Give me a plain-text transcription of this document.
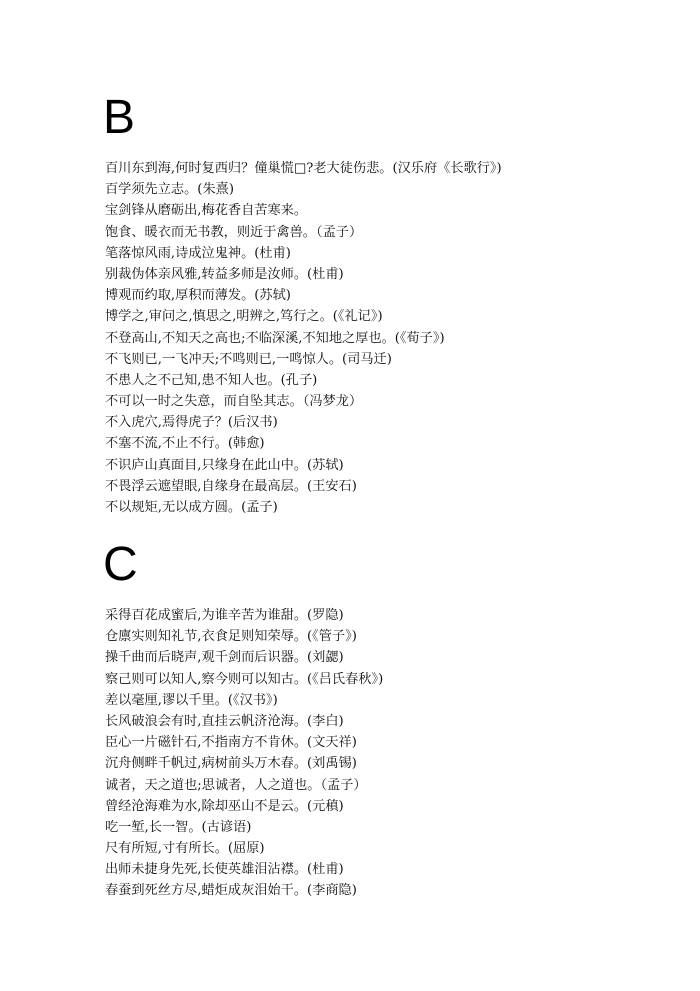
B
百川东到海,何时复西归？僮巢慌□?老大徒伤悲。(汉乐府《长歌行》)
百学须先立志。(朱熹)
宝剑锋从磨砺出,梅花香自苦寒来。
饱食、暖衣而无书教，则近于禽兽。（孟子）
笔落惊风雨,诗成泣鬼神。(杜甫)
别裁伪体亲风雅,转益多师是汝师。(杜甫)
博观而约取,厚积而薄发。(苏轼)
博学之,审问之,慎思之,明辨之,笃行之。(《礼记》)
不登高山,不知天之高也;不临深溪,不知地之厚也。(《荀子》)
不飞则已,一飞冲天;不鸣则已,一鸣惊人。(司马迁)
不患人之不己知,患不知人也。(孔子)
不可以一时之失意，而自坠其志。（冯梦龙）
不入虎穴,焉得虎子？(后汉书)
不塞不流,不止不行。(韩愈)
不识庐山真面目,只缘身在此山中。(苏轼)
不畏浮云遮望眼,自缘身在最高层。(王安石)
不以规矩,无以成方圆。(孟子)
C
采得百花成蜜后,为谁辛苦为谁甜。(罗隐)
仓廪实则知礼节,衣食足则知荣辱。(《管子》)
操千曲而后晓声,观千剑而后识器。(刘勰)
察己则可以知人,察今则可以知古。(《吕氏春秋》)
差以毫厘,谬以千里。(《汉书》)
长风破浪会有时,直挂云帆济沧海。(李白)
臣心一片磁针石,不指南方不肯休。(文天祥)
沉舟侧畔千帆过,病树前头万木春。(刘禹锡)
诚者，天之道也;思诚者，人之道也。（孟子）
曾经沧海难为水,除却巫山不是云。(元稹)
吃一堑,长一智。(古谚语)
尺有所短,寸有所长。(屈原)
出师未捷身先死,长使英雄泪沾襟。(杜甫)
春蚕到死丝方尽,蜡炬成灰泪始干。(李商隐)
